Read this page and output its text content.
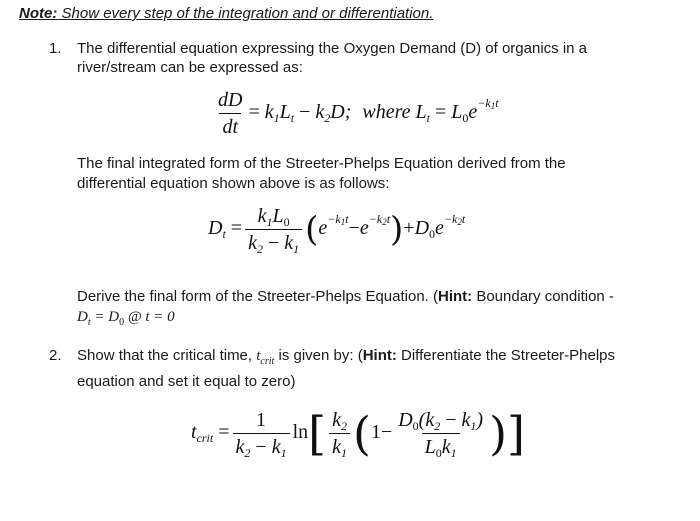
Note: Show every step of the integration and or differentiation.
1. The differential equation expressing the Oxygen Demand (D) of organics in a
river/stream can be expressed as:
$\frac{dD}{dt} = k_1L_t - k_2D$; where $L_t = L_0e^{-k_1t}$
The final integrated form of the Streeter-Phelps Equation derived from the
differential equation shown above is as follows:
$D_t = \frac{k_1L_0}{k_2 - k_1} (e^{-k_1t}-e^{-k_2t})+D_0e^{-k_2t}$
Derive the final form of the Streeter-Phelps Equation. (Hint: Boundary condition -
$D_t = D_0$ @ t = 0
2. Show that the critical time, $t_{crit}$ is given by: (Hint: Differentiate the Streeter-Phelps
equation and set it equal to zero)
$t_{crit} = \frac{1}{k_2 - k_1} \ln[ \frac{k_2}{k_1} (1- \frac{D_0(k_2 - k_1)}{L_0k_1}$ )]
